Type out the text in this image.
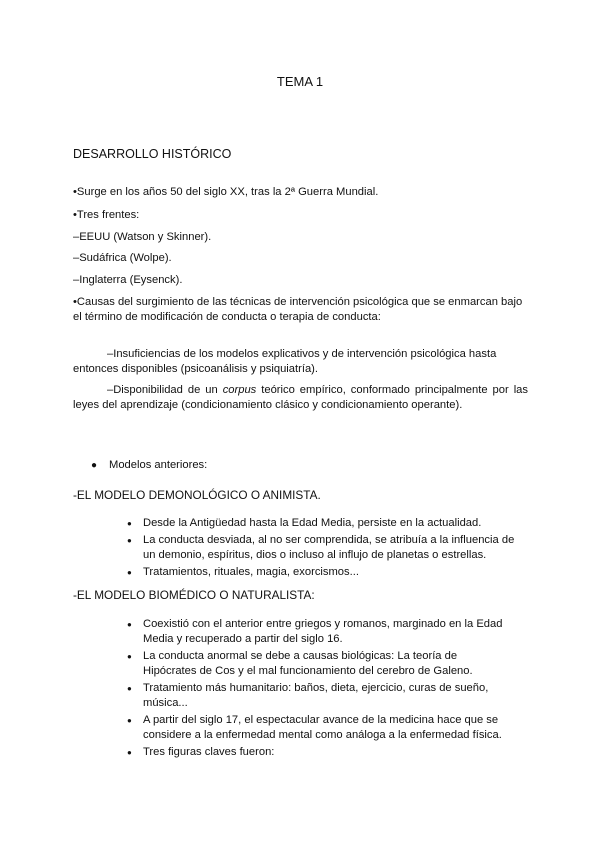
TEMA 1
DESARROLLO HISTÓRICO
•Surge en los años 50 del siglo XX, tras la 2ª Guerra Mundial.
•Tres frentes:
–EEUU (Watson y Skinner).
–Sudáfrica (Wolpe).
–Inglaterra (Eysenck).
•Causas del surgimiento de las técnicas de intervención psicológica que se enmarcan bajo el término de modificación de conducta o terapia de conducta:
–Insuficiencias de los modelos explicativos y de intervención psicológica hasta entonces disponibles (psicoanálisis y psiquiatría).
–Disponibilidad de un corpus teórico empírico, conformado principalmente por las leyes del aprendizaje (condicionamiento clásico y condicionamiento operante).
●	Modelos anteriores:
-EL MODELO DEMONOLÓGICO O ANIMISTA.
● Desde la Antigüedad hasta la Edad Media, persiste en la actualidad.
● La conducta desviada, al no ser comprendida, se atribuía a la influencia de un demonio, espíritus, dios o incluso al influjo de planetas o estrellas.
● Tratamientos, rituales, magia, exorcismos...
-EL MODELO BIOMÉDICO O NATURALISTA:
● Coexistió con el anterior entre griegos y romanos, marginado en la Edad Media y recuperado a partir del siglo 16.
● La conducta anormal se debe a causas biológicas: La teoría de Hipócrates de Cos y el mal funcionamiento del cerebro de Galeno.
● Tratamiento más humanitario: baños, dieta, ejercicio, curas de sueño, música...
● A partir del siglo 17, el espectacular avance de la medicina hace que se considere a la enfermedad mental como análoga a la enfermedad física.
● Tres figuras claves fueron:
